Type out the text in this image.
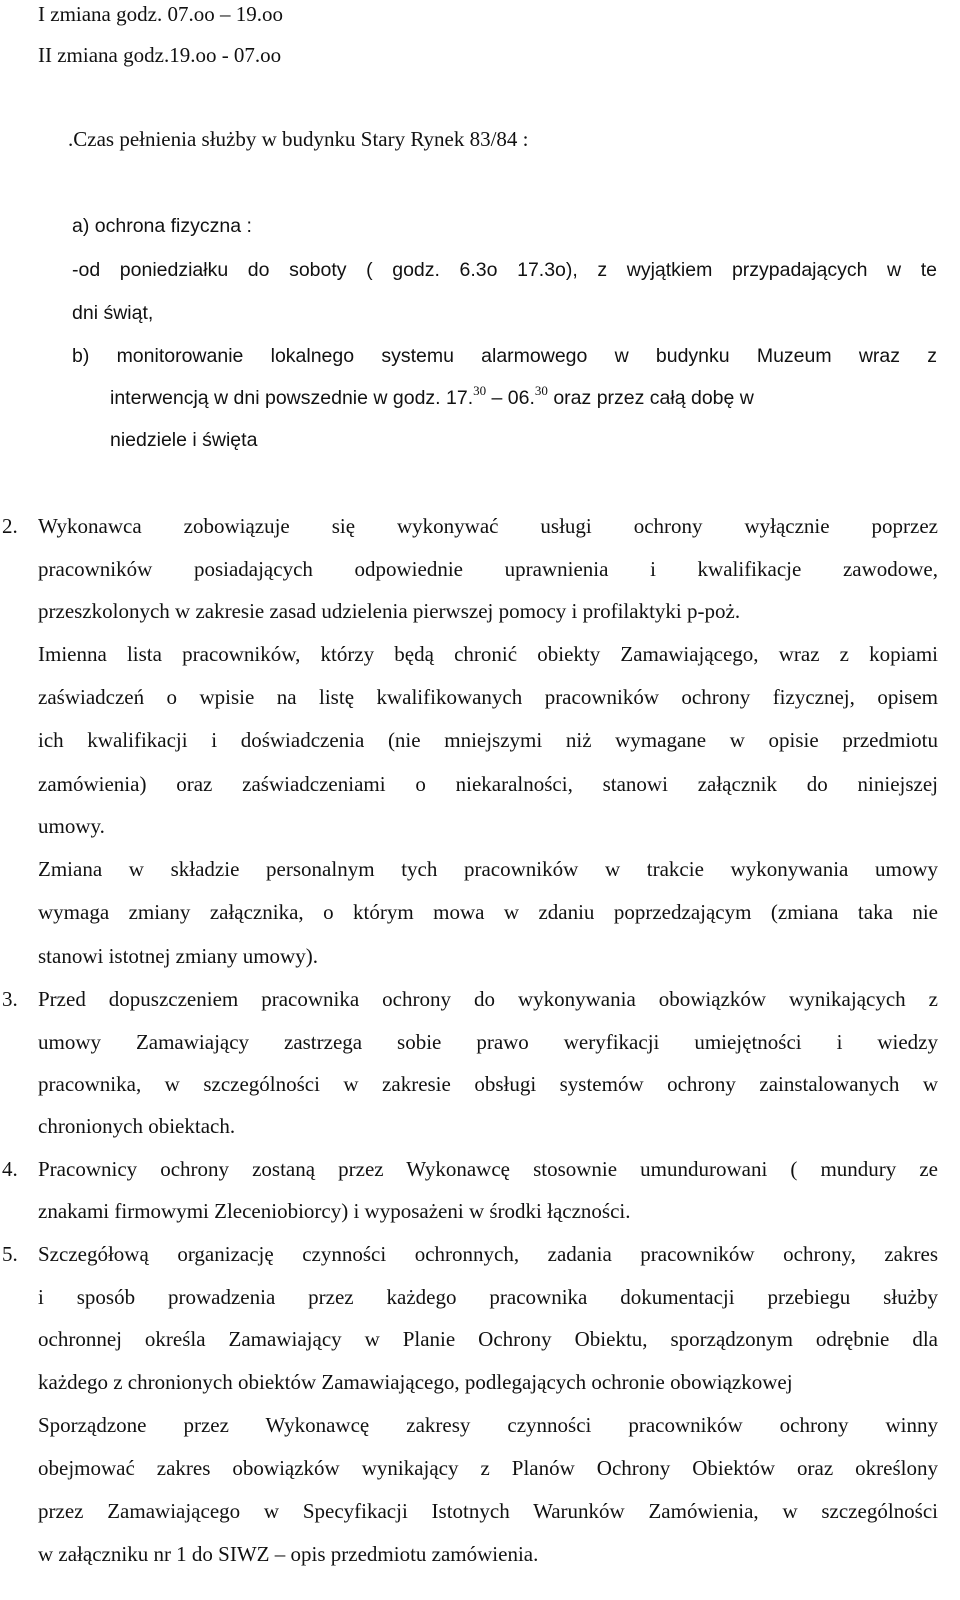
I zmiana godz. 07.oo – 19.oo
II zmiana godz.19.oo - 07.oo
.Czas pełnienia służby w budynku Stary Rynek 83/84 :
a) ochrona fizyczna :
-od poniedziałku do soboty ( godz. 6.3o 17.3o), z wyjątkiem przypadających w te
dni świąt,
b) monitorowanie lokalnego systemu alarmowego w budynku Muzeum wraz z
interwencją w dni powszednie w godz. 17.30 – 06.30 oraz przez całą dobę w
niedziele i święta
2. Wykonawca zobowiązuje się wykonywać usługi ochrony wyłącznie poprzez
pracowników posiadających odpowiednie uprawnienia i kwalifikacje zawodowe,
przeszkolonych w zakresie zasad udzielenia pierwszej pomocy i profilaktyki p-poż.
Imienna lista pracowników, którzy będą chronić obiekty Zamawiającego, wraz z kopiami
zaświadczeń o wpisie na listę kwalifikowanych pracowników ochrony fizycznej, opisem
ich kwalifikacji i doświadczenia (nie mniejszymi niż wymagane w opisie przedmiotu
zamówienia) oraz zaświadczeniami o niekaralności, stanowi załącznik do niniejszej
umowy.
Zmiana w składzie personalnym tych pracowników w trakcie wykonywania umowy
wymaga zmiany załącznika, o którym mowa w zdaniu poprzedzającym (zmiana taka nie
stanowi istotnej zmiany umowy).
3. Przed dopuszczeniem pracownika ochrony do wykonywania obowiązków wynikających z
umowy Zamawiający zastrzega sobie prawo weryfikacji umiejętności i wiedzy
pracownika, w szczególności w zakresie obsługi systemów ochrony zainstalowanych w
chronionych obiektach.
4. Pracownicy ochrony zostaną przez Wykonawcę stosownie umundurowani ( mundury ze
znakami firmowymi Zleceniobiorcy) i wyposażeni w środki łączności.
5. Szczegółową organizację czynności ochronnych, zadania pracowników ochrony, zakres
i sposób prowadzenia przez każdego pracownika dokumentacji przebiegu służby
ochronnej określa Zamawiający w Planie Ochrony Obiektu, sporządzonym odrębnie dla
każdego z chronionych obiektów Zamawiającego, podlegających ochronie obowiązkowej
Sporządzone przez Wykonawcę zakresy czynności pracowników ochrony winny
obejmować zakres obowiązków wynikający z Planów Ochrony Obiektów oraz określony
przez Zamawiającego w Specyfikacji Istotnych Warunków Zamówienia, w szczególności
w załączniku nr 1 do SIWZ – opis przedmiotu zamówienia.
